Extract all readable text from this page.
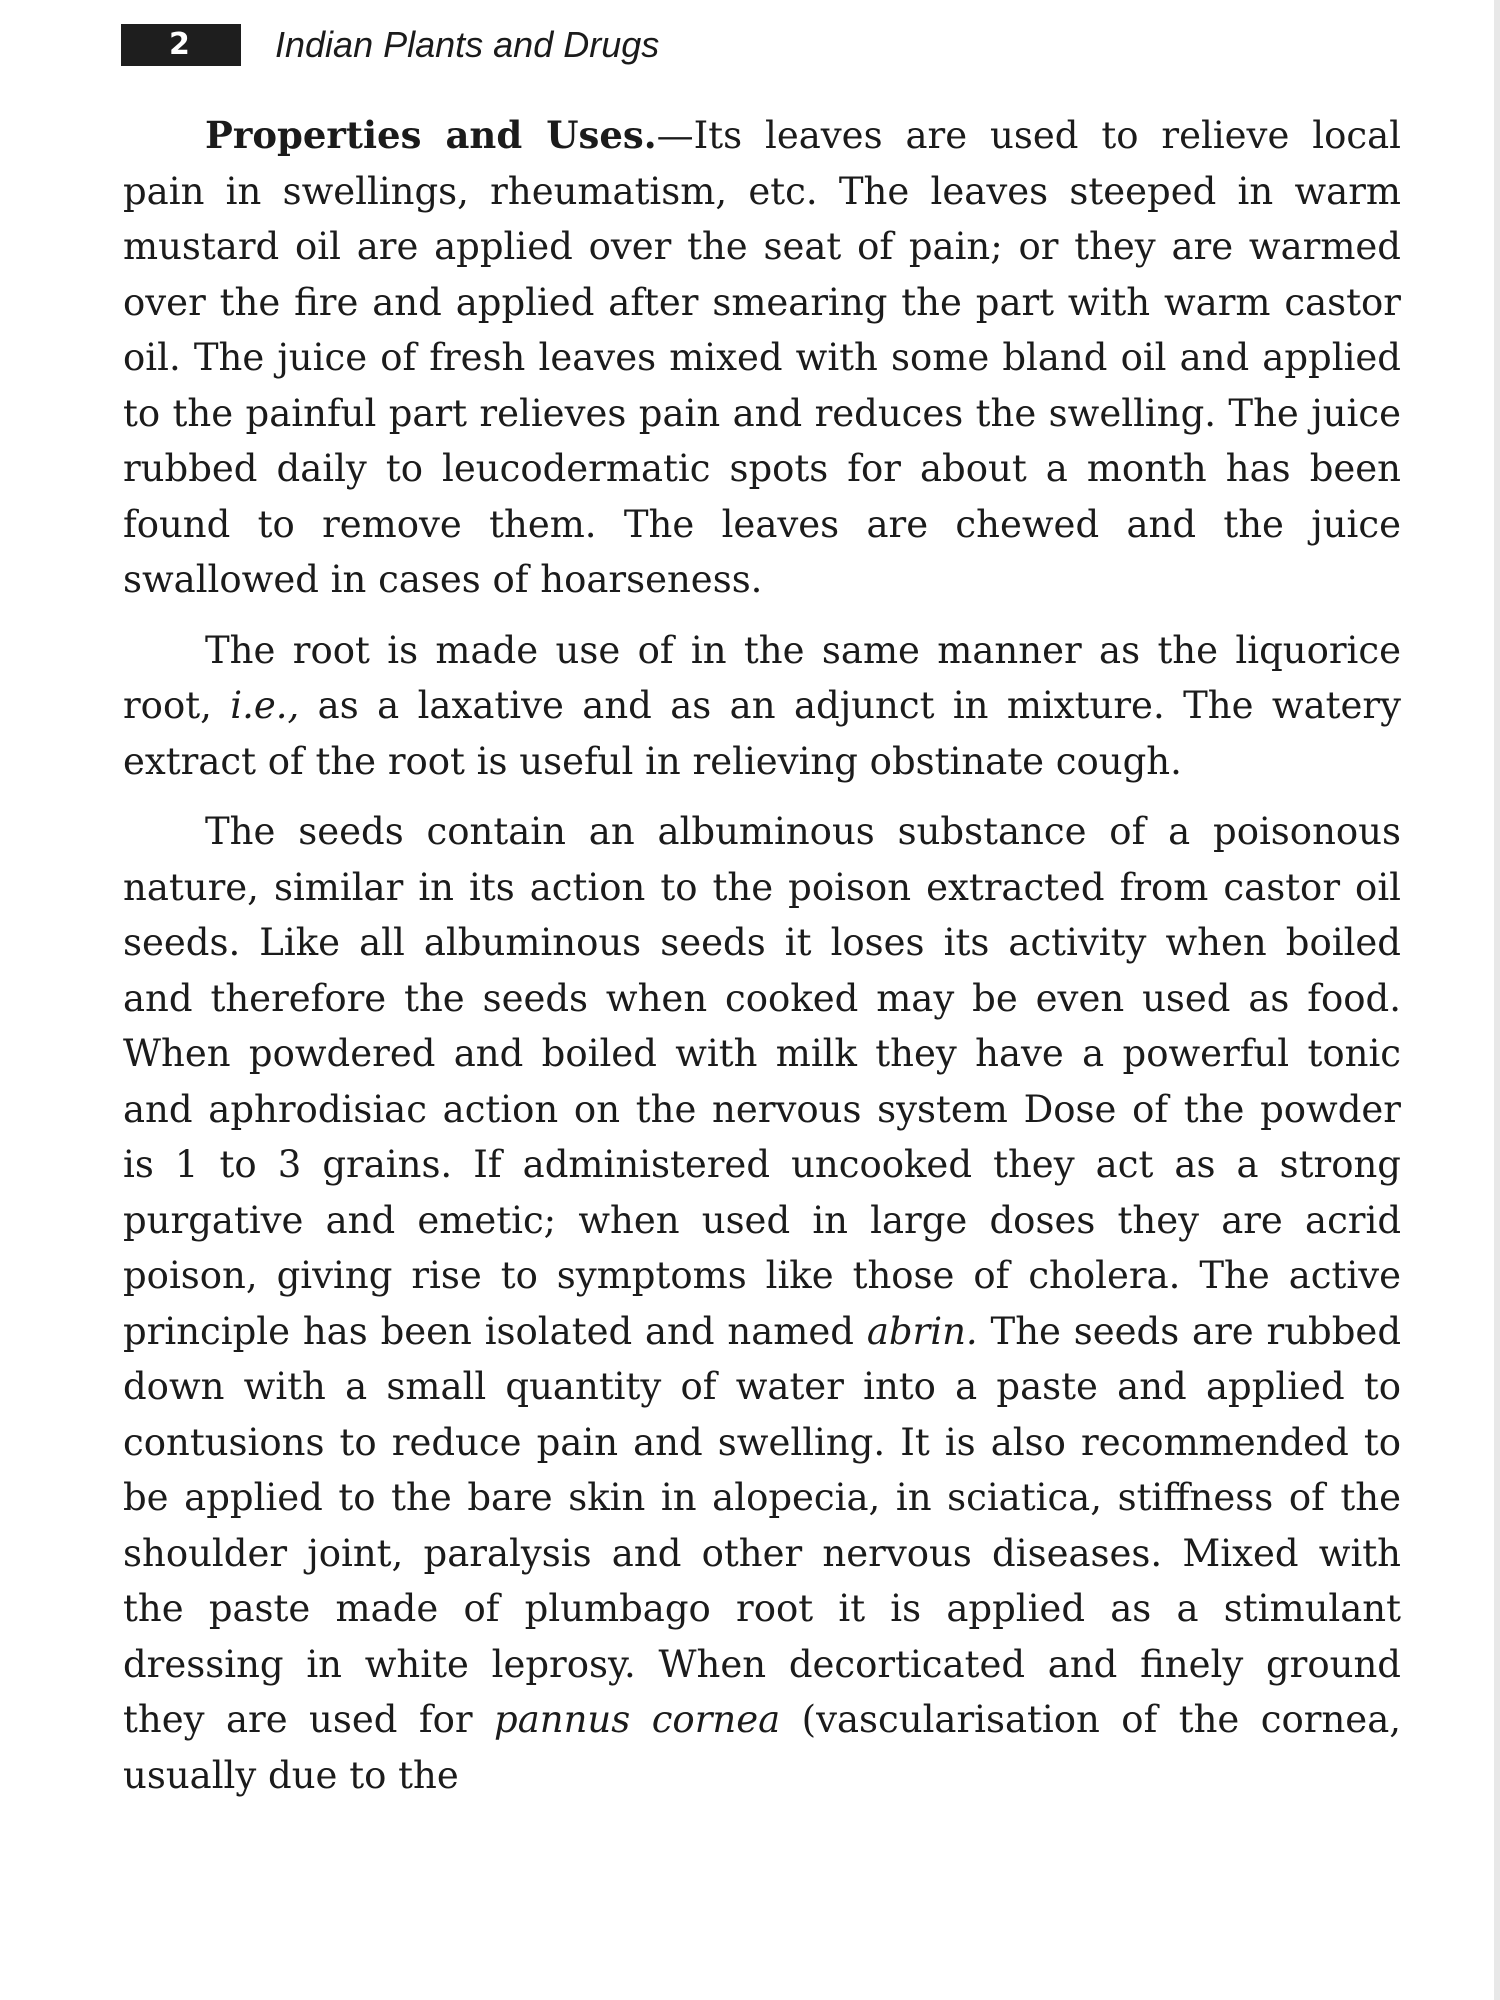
2	Indian Plants and Drugs

Properties and Uses.—Its leaves are used to relieve local pain in swellings, rheumatism, etc. The leaves steeped in warm mustard oil are applied over the seat of pain; or they are warmed over the fire and applied after smearing the part with warm castor oil. The juice of fresh leaves mixed with some bland oil and applied to the painful part relieves pain and reduces the swelling. The juice rubbed daily to leucodermatic spots for about a month has been found to remove them. The leaves are chewed and the juice swallowed in cases of hoarseness.

The root is made use of in the same manner as the liquorice root, i.e., as a laxative and as an adjunct in mixture. The watery extract of the root is useful in relieving obstinate cough.

The seeds contain an albuminous substance of a poisonous nature, similar in its action to the poison extracted from castor oil seeds. Like all albuminous seeds it loses its activity when boiled and therefore the seeds when cooked may be even used as food. When powdered and boiled with milk they have a powerful tonic and aphrodisiac action on the nervous system Dose of the powder is 1 to 3 grains. If administered uncooked they act as a strong purgative and emetic; when used in large doses they are acrid poison, giving rise to symptoms like those of cholera. The active principle has been isolated and named abrin. The seeds are rubbed down with a small quantity of water into a paste and applied to contusions to reduce pain and swelling. It is also recommended to be applied to the bare skin in alopecia, in sciatica, stiffness of the shoulder joint, paralysis and other nervous diseases. Mixed with the paste made of plumbago root it is applied as a stimulant dressing in white leprosy. When decorticated and finely ground they are used for pannus cornea (vascularisation of the cornea, usually due to the
